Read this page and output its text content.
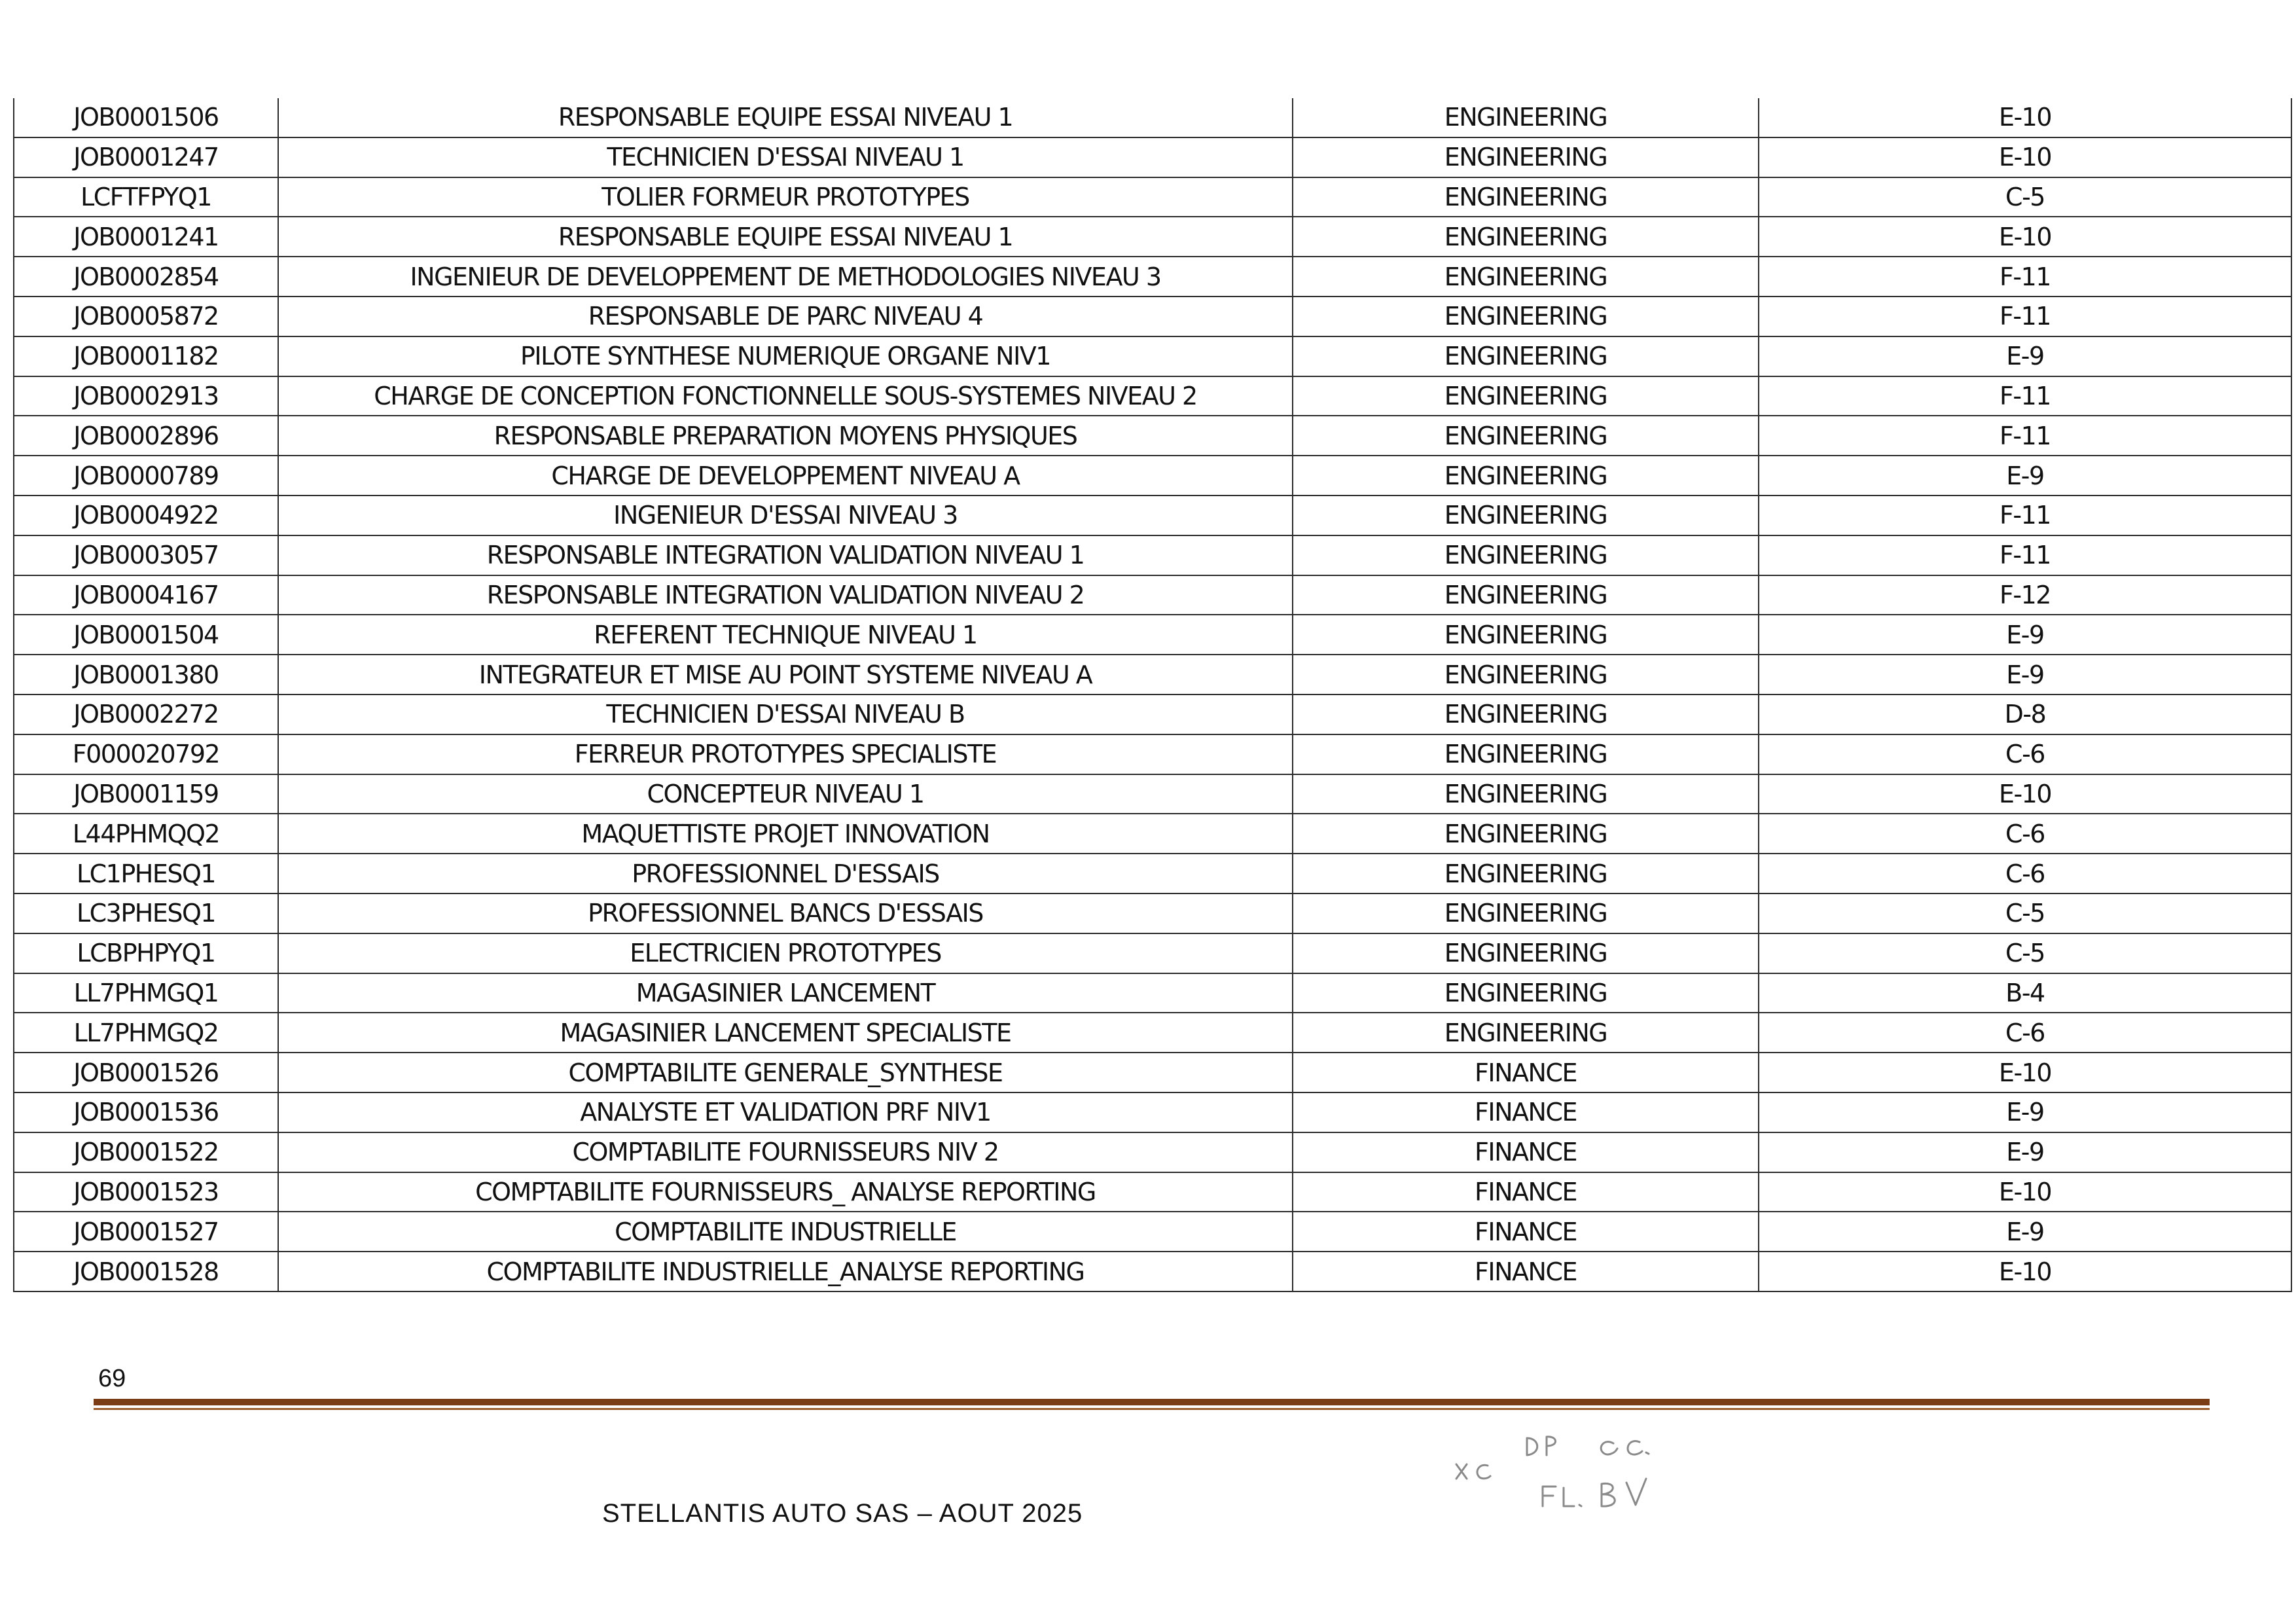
JOB0001506	RESPONSABLE EQUIPE ESSAI NIVEAU 1	ENGINEERING	E-10
JOB0001247	TECHNICIEN D'ESSAI NIVEAU 1	ENGINEERING	E-10
LCFTFPYQ1	TOLIER FORMEUR PROTOTYPES	ENGINEERING	C-5
JOB0001241	RESPONSABLE EQUIPE ESSAI NIVEAU 1	ENGINEERING	E-10
JOB0002854	INGENIEUR DE DEVELOPPEMENT DE METHODOLOGIES NIVEAU 3	ENGINEERING	F-11
JOB0005872	RESPONSABLE DE PARC NIVEAU 4	ENGINEERING	F-11
JOB0001182	PILOTE SYNTHESE NUMERIQUE ORGANE NIV1	ENGINEERING	E-9
JOB0002913	CHARGE DE CONCEPTION FONCTIONNELLE SOUS-SYSTEMES NIVEAU 2	ENGINEERING	F-11
JOB0002896	RESPONSABLE PREPARATION MOYENS PHYSIQUES	ENGINEERING	F-11
JOB0000789	CHARGE DE DEVELOPPEMENT NIVEAU A	ENGINEERING	E-9
JOB0004922	INGENIEUR D'ESSAI NIVEAU 3	ENGINEERING	F-11
JOB0003057	RESPONSABLE INTEGRATION VALIDATION NIVEAU 1	ENGINEERING	F-11
JOB0004167	RESPONSABLE INTEGRATION VALIDATION NIVEAU 2	ENGINEERING	F-12
JOB0001504	REFERENT TECHNIQUE NIVEAU 1	ENGINEERING	E-9
JOB0001380	INTEGRATEUR ET MISE AU POINT SYSTEME NIVEAU A	ENGINEERING	E-9
JOB0002272	TECHNICIEN D'ESSAI NIVEAU B	ENGINEERING	D-8
F000020792	FERREUR PROTOTYPES SPECIALISTE	ENGINEERING	C-6
JOB0001159	CONCEPTEUR NIVEAU 1	ENGINEERING	E-10
L44PHMQQ2	MAQUETTISTE PROJET INNOVATION	ENGINEERING	C-6
LC1PHESQ1	PROFESSIONNEL D'ESSAIS	ENGINEERING	C-6
LC3PHESQ1	PROFESSIONNEL BANCS D'ESSAIS	ENGINEERING	C-5
LCBPHPYQ1	ELECTRICIEN PROTOTYPES	ENGINEERING	C-5
LL7PHMGQ1	MAGASINIER LANCEMENT	ENGINEERING	B-4
LL7PHMGQ2	MAGASINIER LANCEMENT SPECIALISTE	ENGINEERING	C-6
JOB0001526	COMPTABILITE GENERALE_SYNTHESE	FINANCE	E-10
JOB0001536	ANALYSTE ET VALIDATION PRF NIV1	FINANCE	E-9
JOB0001522	COMPTABILITE FOURNISSEURS NIV 2	FINANCE	E-9
JOB0001523	COMPTABILITE FOURNISSEURS_ ANALYSE REPORTING	FINANCE	E-10
JOB0001527	COMPTABILITE INDUSTRIELLE	FINANCE	E-9
JOB0001528	COMPTABILITE INDUSTRIELLE_ANALYSE REPORTING	FINANCE	E-10
69
STELLANTIS AUTO SAS – AOUT 2025
